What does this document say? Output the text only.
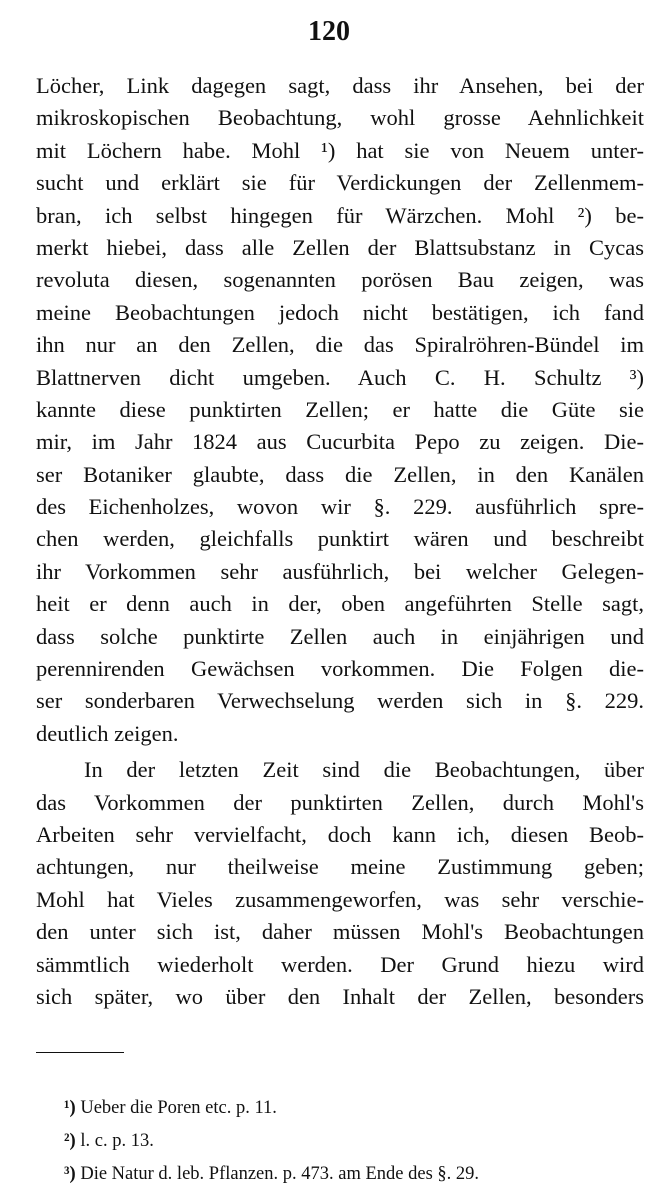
120
Löcher, Link dagegen sagt, dass ihr Ansehen, bei der
mikroskopischen Beobachtung, wohl grosse Aehnlichkeit
mit Löchern habe. Mohl ¹) hat sie von Neuem unter-
sucht und erklärt sie für Verdickungen der Zellenmem-
bran, ich selbst hingegen für Wärzchen. Mohl ²) be-
merkt hiebei, dass alle Zellen der Blattsubstanz in Cycas
revoluta diesen, sogenannten porösen Bau zeigen, was
meine Beobachtungen jedoch nicht bestätigen, ich fand
ihn nur an den Zellen, die das Spiralröhren-Bündel im
Blattnerven dicht umgeben. Auch C. H. Schultz ³)
kannte diese punktirten Zellen; er hatte die Güte sie
mir, im Jahr 1824 aus Cucurbita Pepo zu zeigen. Die-
ser Botaniker glaubte, dass die Zellen, in den Kanälen
des Eichenholzes, wovon wir §. 229. ausführlich spre-
chen werden, gleichfalls punktirt wären und beschreibt
ihr Vorkommen sehr ausführlich, bei welcher Gelegen-
heit er denn auch in der, oben angeführten Stelle sagt,
dass solche punktirte Zellen auch in einjährigen und
perennirenden Gewächsen vorkommen. Die Folgen die-
ser sonderbaren Verwechselung werden sich in §. 229.
deutlich zeigen.
In der letzten Zeit sind die Beobachtungen, über
das Vorkommen der punktirten Zellen, durch Mohl's
Arbeiten sehr vervielfacht, doch kann ich, diesen Beob-
achtungen, nur theilweise meine Zustimmung geben;
Mohl hat Vieles zusammengeworfen, was sehr verschie-
den unter sich ist, daher müssen Mohl's Beobachtungen
sämmtlich wiederholt werden. Der Grund hiezu wird
sich später, wo über den Inhalt der Zellen, besonders
¹) Ueber die Poren etc. p. 11.
²) l. c. p. 13.
³) Die Natur d. leb. Pflanzen. p. 473. am Ende des §. 29.
